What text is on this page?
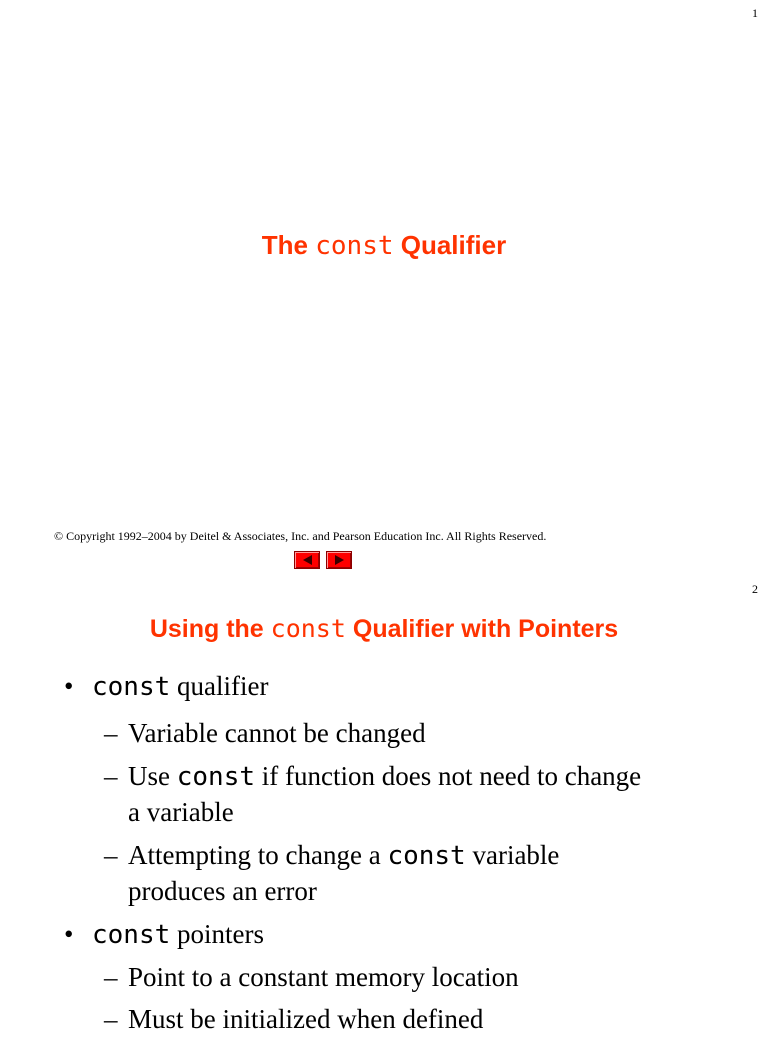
1
The const Qualifier
© Copyright 1992–2004 by Deitel & Associates, Inc. and Pearson Education Inc. All Rights Reserved.
2
Using the const Qualifier with Pointers
• const qualifier
– Variable cannot be changed
– Use const if function does not need to change
a variable
– Attempting to change a const variable
produces an error
• const pointers
– Point to a constant memory location
– Must be initialized when defined
